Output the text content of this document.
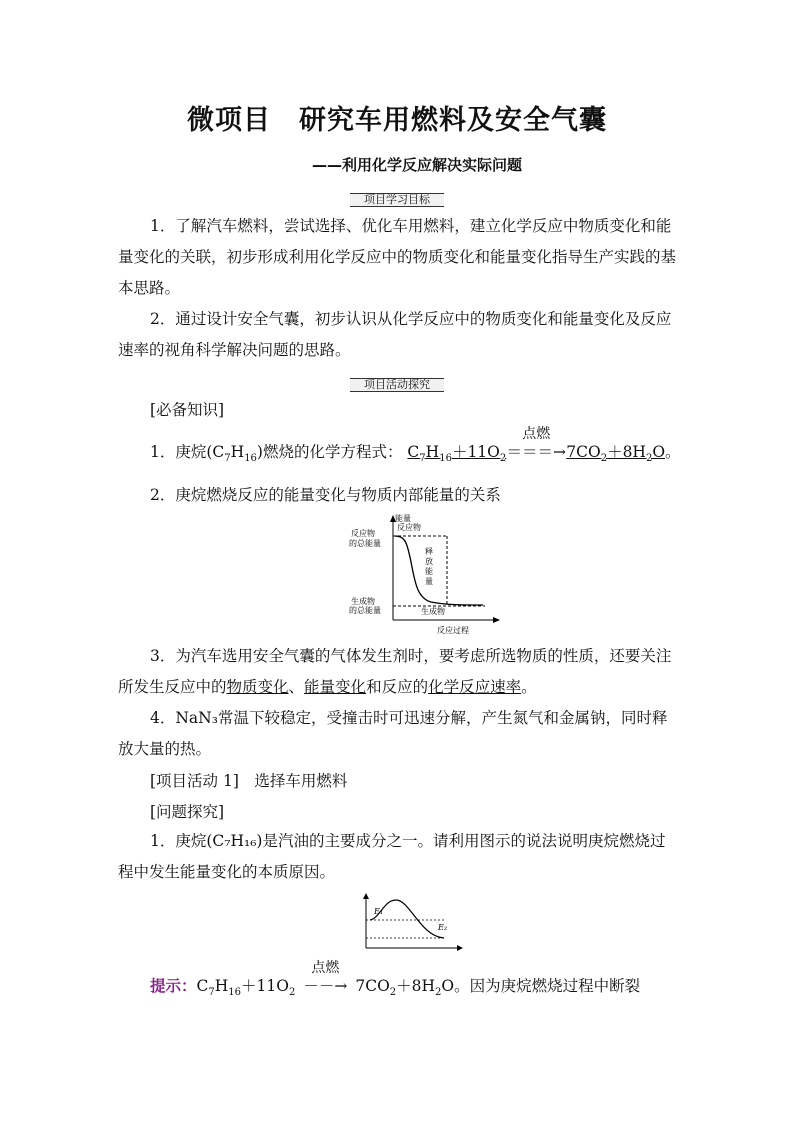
微项目　研究车用燃料及安全气囊
——利用化学反应解决实际问题
项目学习目标
1．了解汽车燃料，尝试选择、优化车用燃料，建立化学反应中物质变化和能量变化的关联，初步形成利用化学反应中的物质变化和能量变化指导生产实践的基本思路。
2．通过设计安全气囊，初步认识从化学反应中的物质变化和能量变化及反应速率的视角科学解决问题的思路。
项目活动探究
[必备知识]
1．庚烷$(C_7H_{16})$燃烧的化学方程式： $C_7H_{16}+11O_2$
点燃
$===\to 7CO_2+8H_2O$。
2．庚烷燃烧反应的能量变化与物质内部能量的关系
能量
反应物
反应物
的总能量
生成物
的总能量
释
放
能
量
生成物
反应过程
3．为汽车选用安全气囊的气体发生剂时，要考虑所选物质的性质，还要关注所发生反应中的物质变化、能量变化和反应的化学反应速率。
4．NaN₃常温下较稳定，受撞击时可迅速分解，产生氮气和金属钠，同时释放大量的热。
[项目活动 1]　选择车用燃料
[问题探究]
1．庚烷(C₇H₁₆)是汽油的主要成分之一。请利用图示的说法说明庚烷燃烧过程中发生能量变化的本质原因。
E₁
E₂
提示：$C_7H_{16}+11O_2$
点燃
－－→ $7CO_2+8H_2O$。因为庚烷燃烧过程中断裂
